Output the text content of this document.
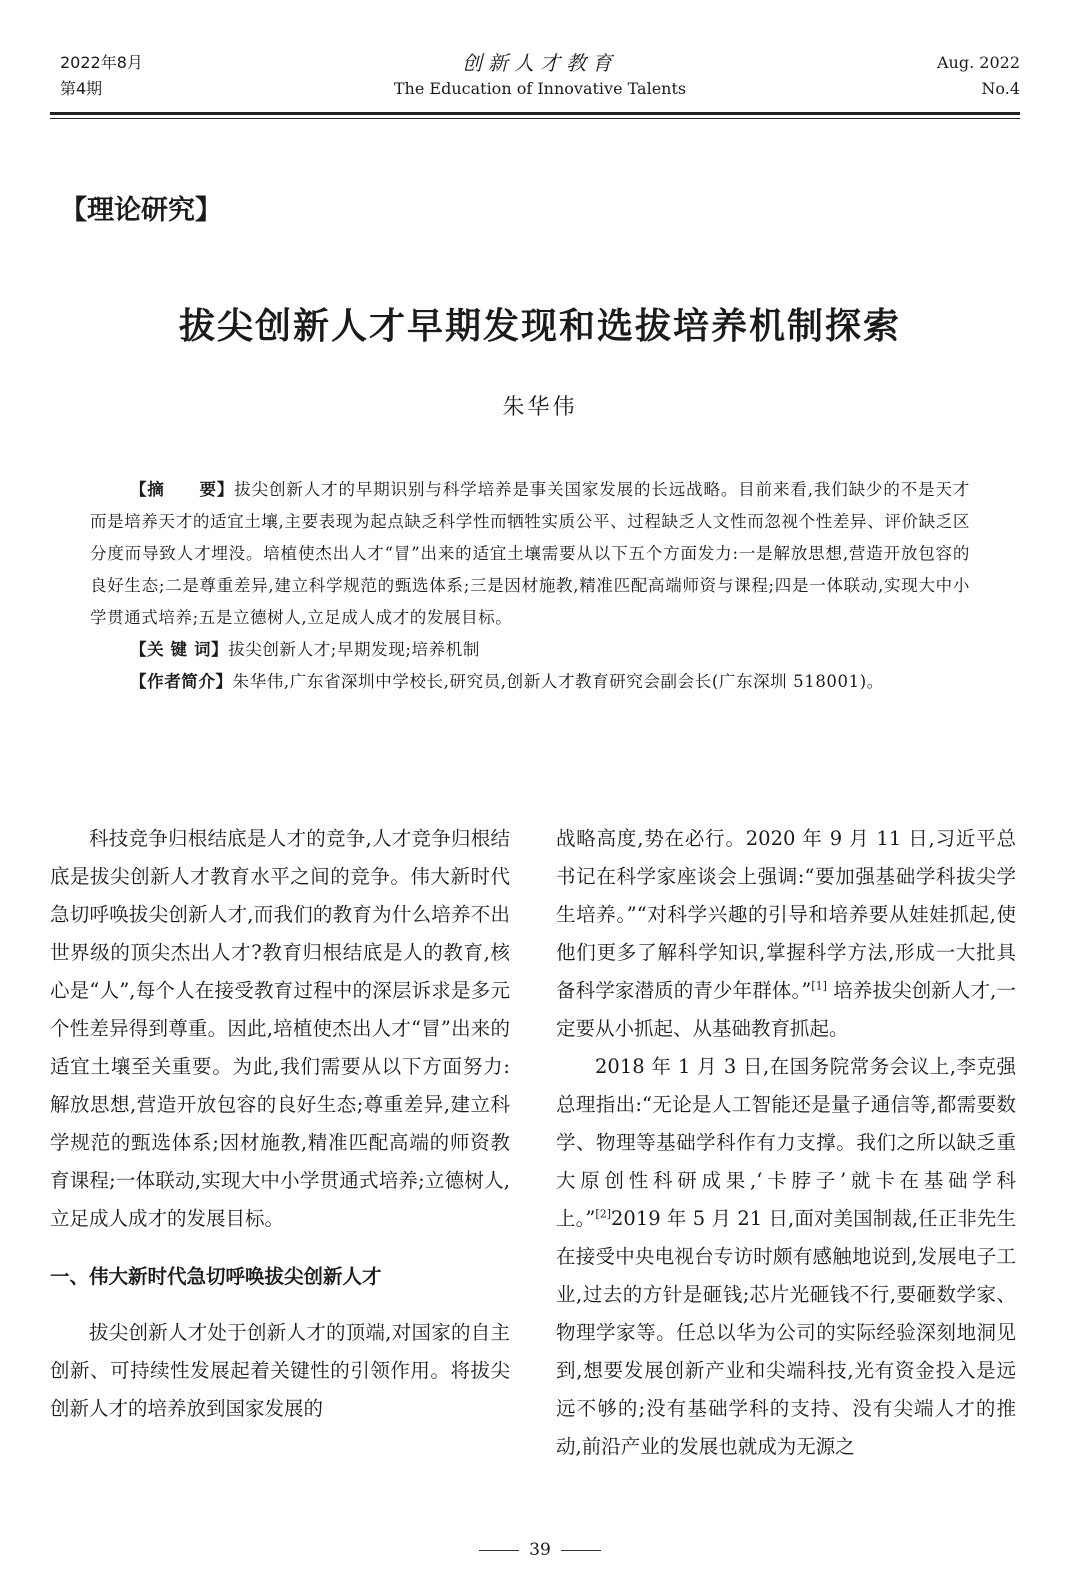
2022年8月
第4期
创新人才教育
The Education of Innovative Talents
Aug. 2022
No.4
【理论研究】
拔尖创新人才早期发现和选拔培养机制探索
朱华伟

【摘　　要】拔尖创新人才的早期识别与科学培养是事关国家发展的长远战略。目前来看,我们缺少的不是天才而是培养天才的适宜土壤,主要表现为起点缺乏科学性而牺牲实质公平、过程缺乏人文性而忽视个性差异、评价缺乏区分度而导致人才埋没。培植使杰出人才“冒”出来的适宜土壤需要从以下五个方面发力:一是解放思想,营造开放包容的良好生态;二是尊重差异,建立科学规范的甄选体系;三是因材施教,精准匹配高端师资与课程;四是一体联动,实现大中小学贯通式培养;五是立德树人,立足成人成才的发展目标。

【关 键 词】拔尖创新人才;早期发现;培养机制

【作者简介】朱华伟,广东省深圳中学校长,研究员,创新人才教育研究会副会长(广东深圳 518001)。

科技竞争归根结底是人才的竞争,人才竞争归根结底是拔尖创新人才教育水平之间的竞争。伟大新时代急切呼唤拔尖创新人才,而我们的教育为什么培养不出世界级的顶尖杰出人才?教育归根结底是人的教育,核心是“人”,每个人在接受教育过程中的深层诉求是多元个性差异得到尊重。因此,培植使杰出人才“冒”出来的适宜土壤至关重要。为此,我们需要从以下方面努力:解放思想,营造开放包容的良好生态;尊重差异,建立科学规范的甄选体系;因材施教,精准匹配高端的师资教育课程;一体联动,实现大中小学贯通式培养;立德树人,立足成人成才的发展目标。

一、伟大新时代急切呼唤拔尖创新人才

拔尖创新人才处于创新人才的顶端,对国家的自主创新、可持续性发展起着关键性的引领作用。将拔尖创新人才的培养放到国家发展的

战略高度,势在必行。2020 年 9 月 11 日,习近平总书记在科学家座谈会上强调:“要加强基础学科拔尖学生培养。”“对科学兴趣的引导和培养要从娃娃抓起,使他们更多了解科学知识,掌握科学方法,形成一大批具备科学家潜质的青少年群体。”[1] 培养拔尖创新人才,一定要从小抓起、从基础教育抓起。

2018 年 1 月 3 日,在国务院常务会议上,李克强总理指出:“无论是人工智能还是量子通信等,都需要数学、物理等基础学科作有力支撑。我们之所以缺乏重大原创性科研成果,‘卡脖子’就卡在基础学科上。”[2]2019 年 5 月 21 日,面对美国制裁,任正非先生在接受中央电视台专访时颇有感触地说到,发展电子工业,过去的方针是砸钱;芯片光砸钱不行,要砸数学家、物理学家等。任总以华为公司的实际经验深刻地洞见到,想要发展创新产业和尖端科技,光有资金投入是远远不够的;没有基础学科的支持、没有尖端人才的推动,前沿产业的发展也就成为无源之

39
